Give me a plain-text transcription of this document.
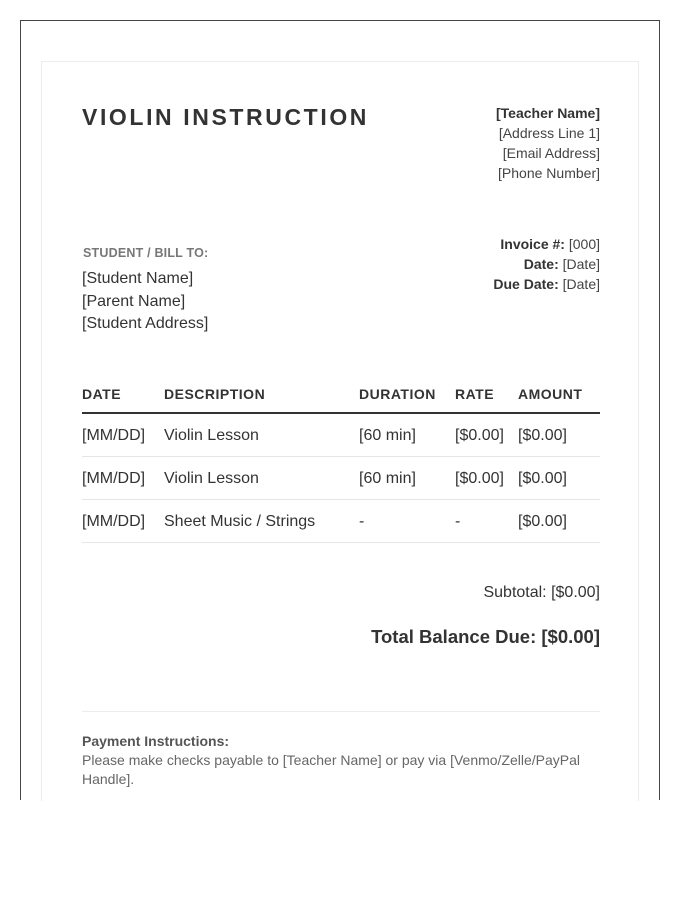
VIOLIN INSTRUCTION	[Teacher Name]
[Address Line 1]
[Email Address]
[Phone Number]
STUDENT / BILL TO:
[Student Name]
[Parent Name]
[Student Address]
Invoice #: [000]
Date: [Date]
Due Date: [Date]
DATE	DESCRIPTION	DURATION RATE AMOUNT
[MM/DD] Violin Lesson	[60 min] [$0.00] [$0.00]
[MM/DD] Violin Lesson	[60 min] [$0.00] [$0.00]
[MM/DD] Sheet Music / Strings	-	-	[$0.00]
Subtotal: [$0.00]
Total Balance Due: [$0.00]
Payment Instructions:
Please make checks payable to [Teacher Name] or pay via [Venmo/Zelle/PayPal Handle].
